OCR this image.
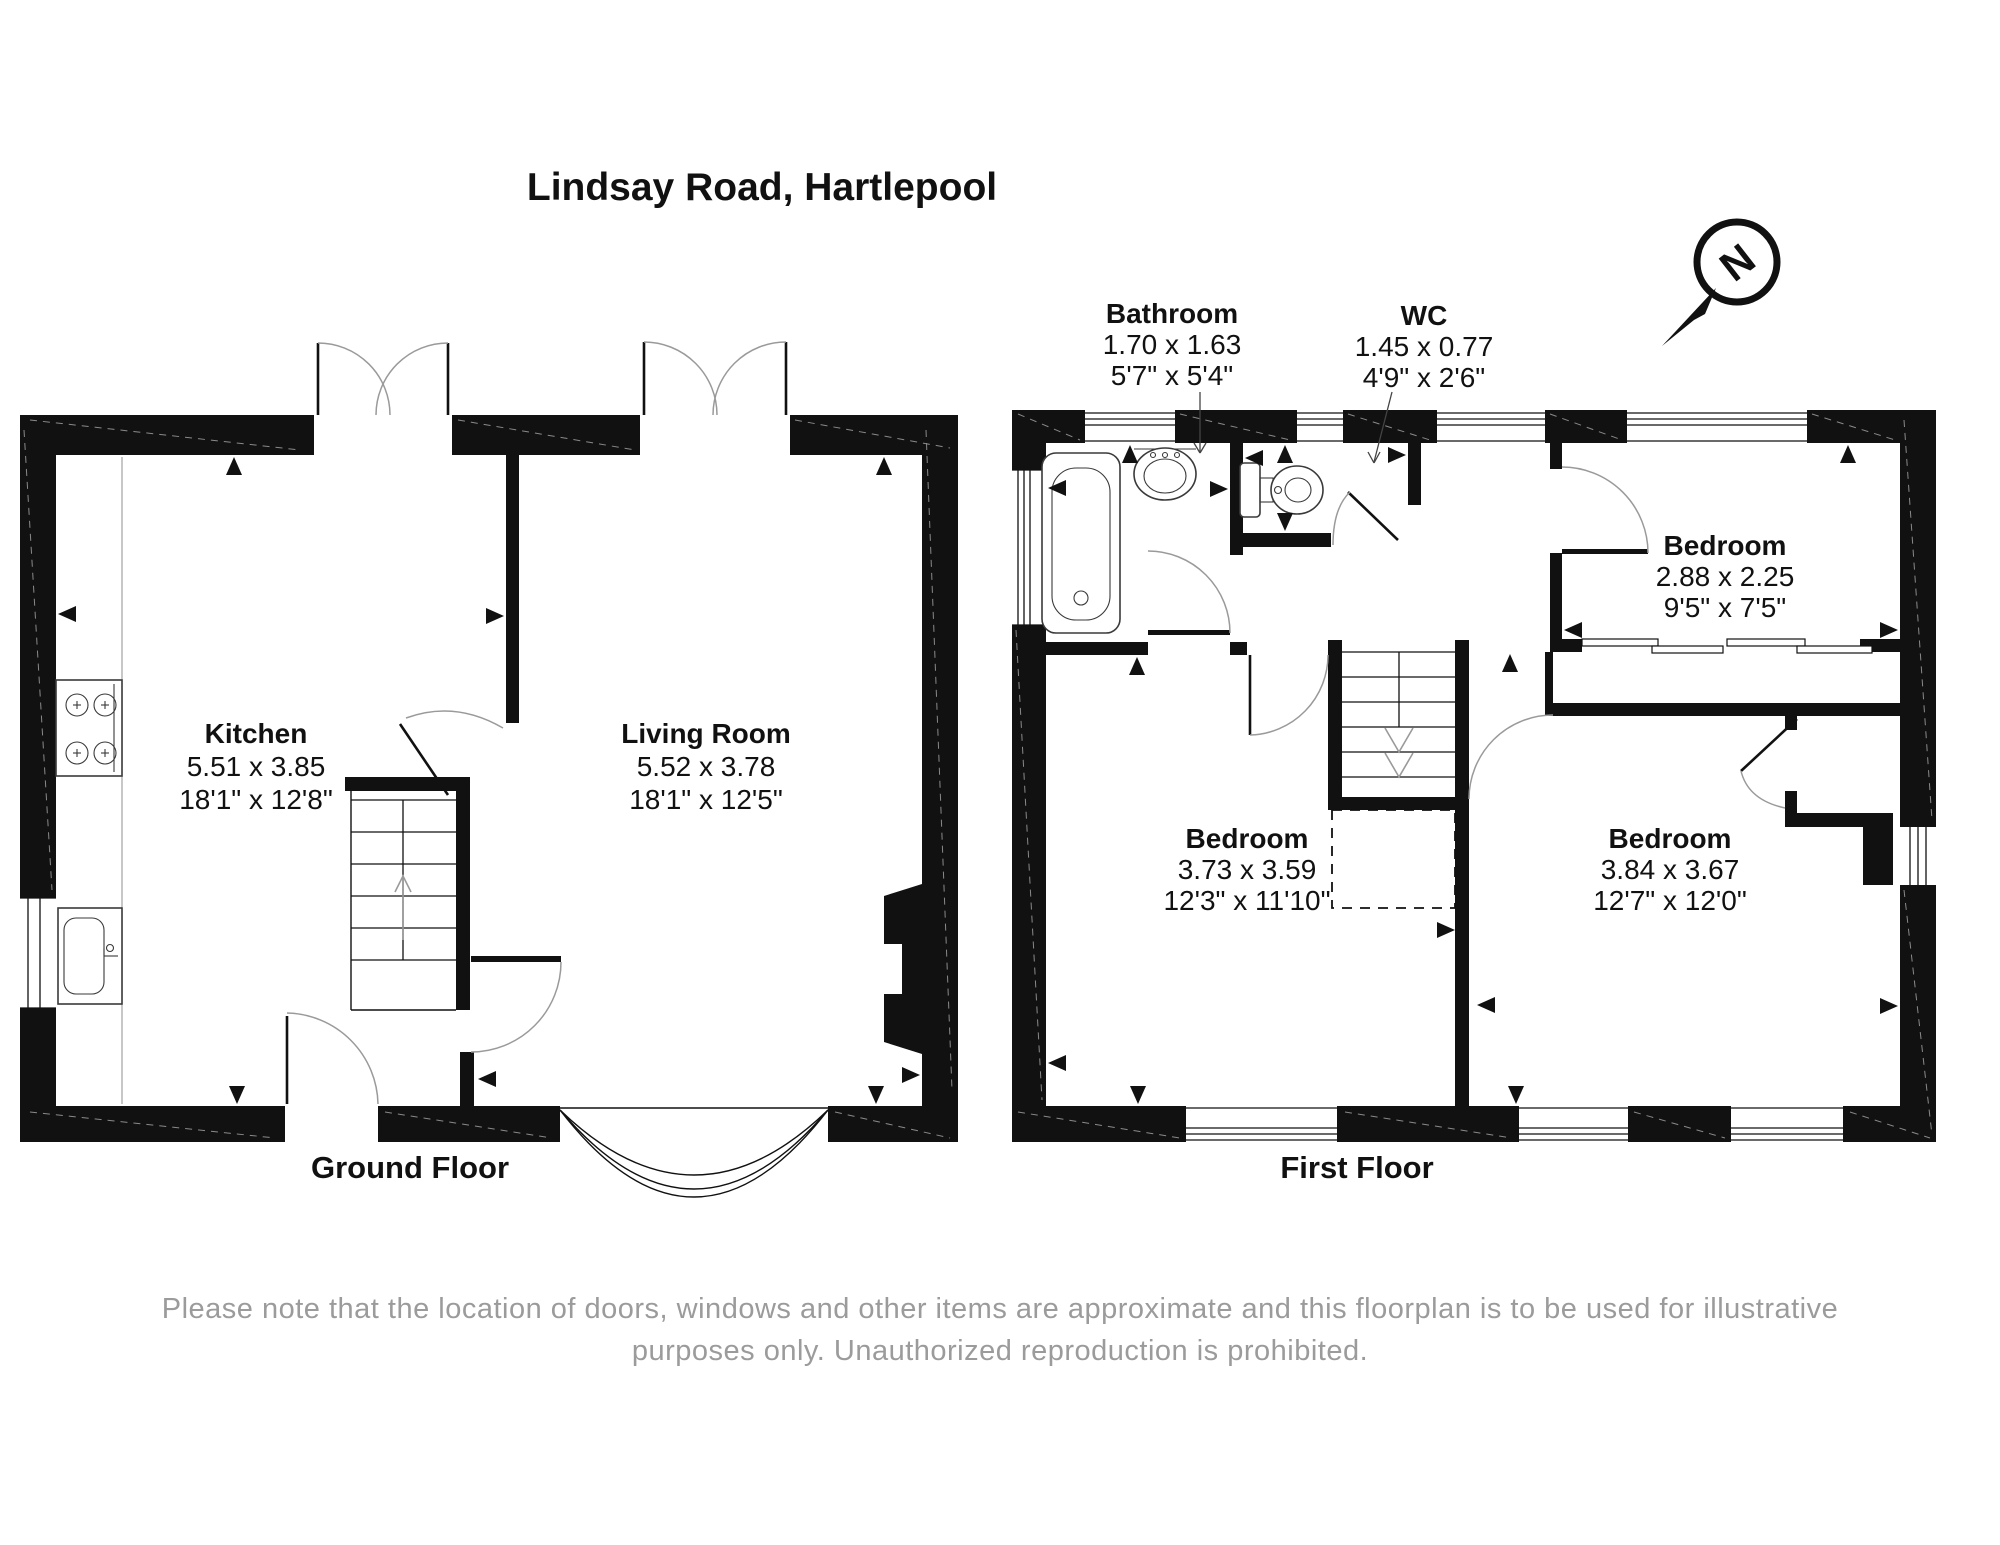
Lindsay Road, Hartlepool
N
Kitchen
5.51 x 3.85
18'1" x 12'8"
Living Room
5.52 x 3.78
18'1" x 12'5"
Ground Floor
Bathroom
1.70 x 1.63
5'7" x 5'4"
WC
1.45 x 0.77
4'9" x 2'6"
Bedroom
2.88 x 2.25
9'5" x 7'5"
Bedroom
3.73 x 3.59
12'3" x 11'10"
Bedroom
3.84 x 3.67
12'7" x 12'0"
First Floor
Please note that the location of doors, windows and other items are approximate and this floorplan is to be used for illustrative
purposes only. Unauthorized reproduction is prohibited.
